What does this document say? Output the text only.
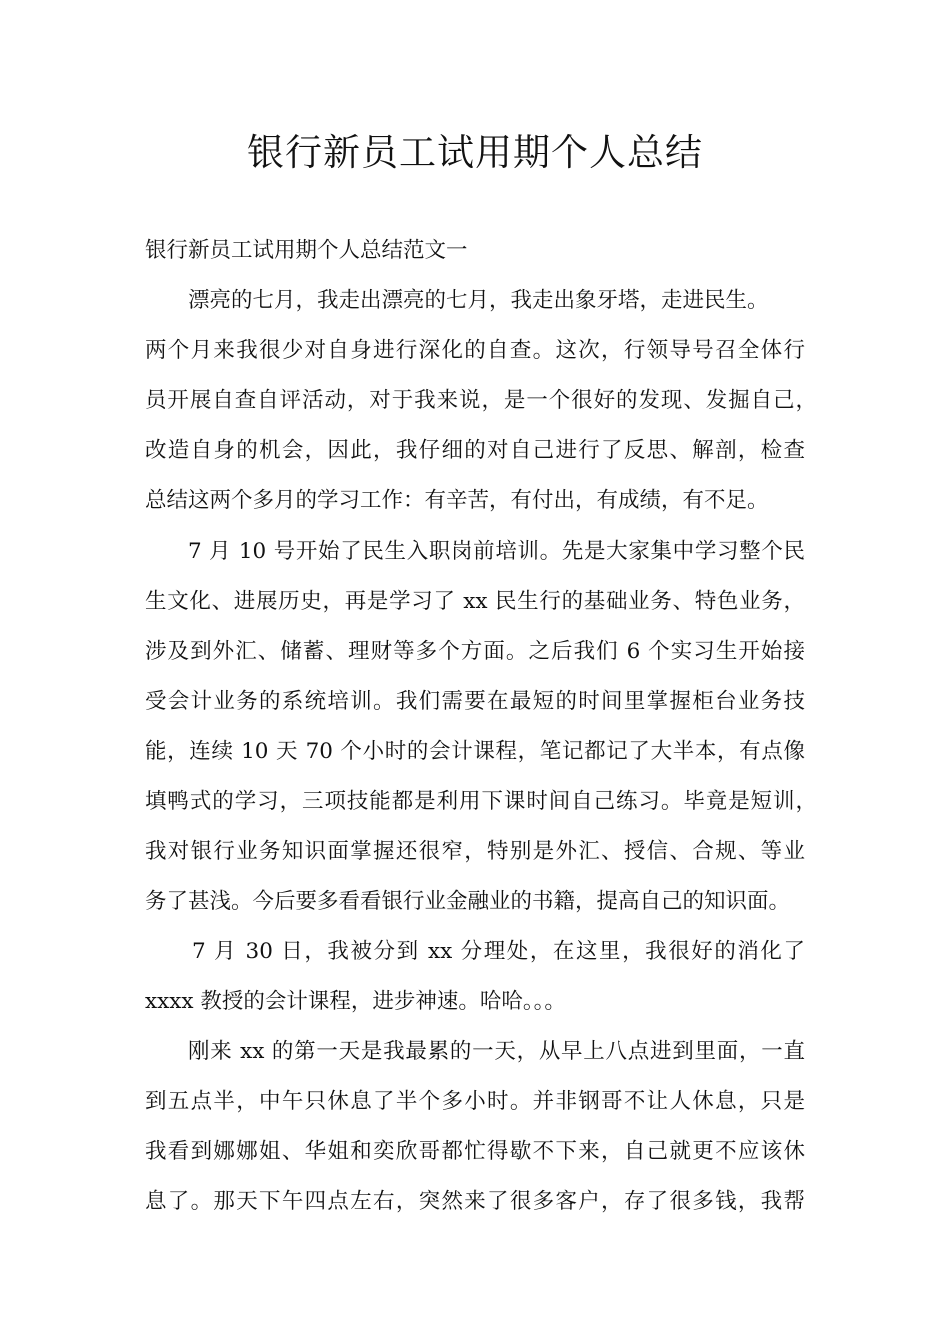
银行新员工试用期个人总结
银行新员工试用期个人总结范文一
漂亮的七月，我走出漂亮的七月，我走出象牙塔，走进民生。
两个月来我很少对自身进行深化的自查。这次，行领导号召全体行
员开展自查自评活动，对于我来说，是一个很好的发现、发掘自己，
改造自身的机会，因此，我仔细的对自己进行了反思、解剖，检查
总结这两个多月的学习工作：有辛苦，有付出，有成绩，有不足。
7 月 10 号开始了民生入职岗前培训。先是大家集中学习整个民
生文化、进展历史，再是学习了 xx 民生行的基础业务、特色业务，
涉及到外汇、储蓄、理财等多个方面。之后我们 6 个实习生开始接
受会计业务的系统培训。我们需要在最短的时间里掌握柜台业务技
能，连续 10 天 70 个小时的会计课程，笔记都记了大半本，有点像
填鸭式的学习，三项技能都是利用下课时间自己练习。毕竟是短训，
我对银行业务知识面掌握还很窄，特别是外汇、授信、合规、等业
务了甚浅。今后要多看看银行业金融业的书籍，提高自己的知识面。
7 月 30 日，我被分到 xx 分理处，在这里，我很好的消化了
xxxx 教授的会计课程，进步神速。哈哈。。。
刚来 xx 的第一天是我最累的一天，从早上八点进到里面，一直
到五点半，中午只休息了半个多小时。并非钢哥不让人休息，只是
我看到娜娜姐、华姐和奕欣哥都忙得歇不下来，自己就更不应该休
息了。那天下午四点左右，突然来了很多客户，存了很多钱，我帮
